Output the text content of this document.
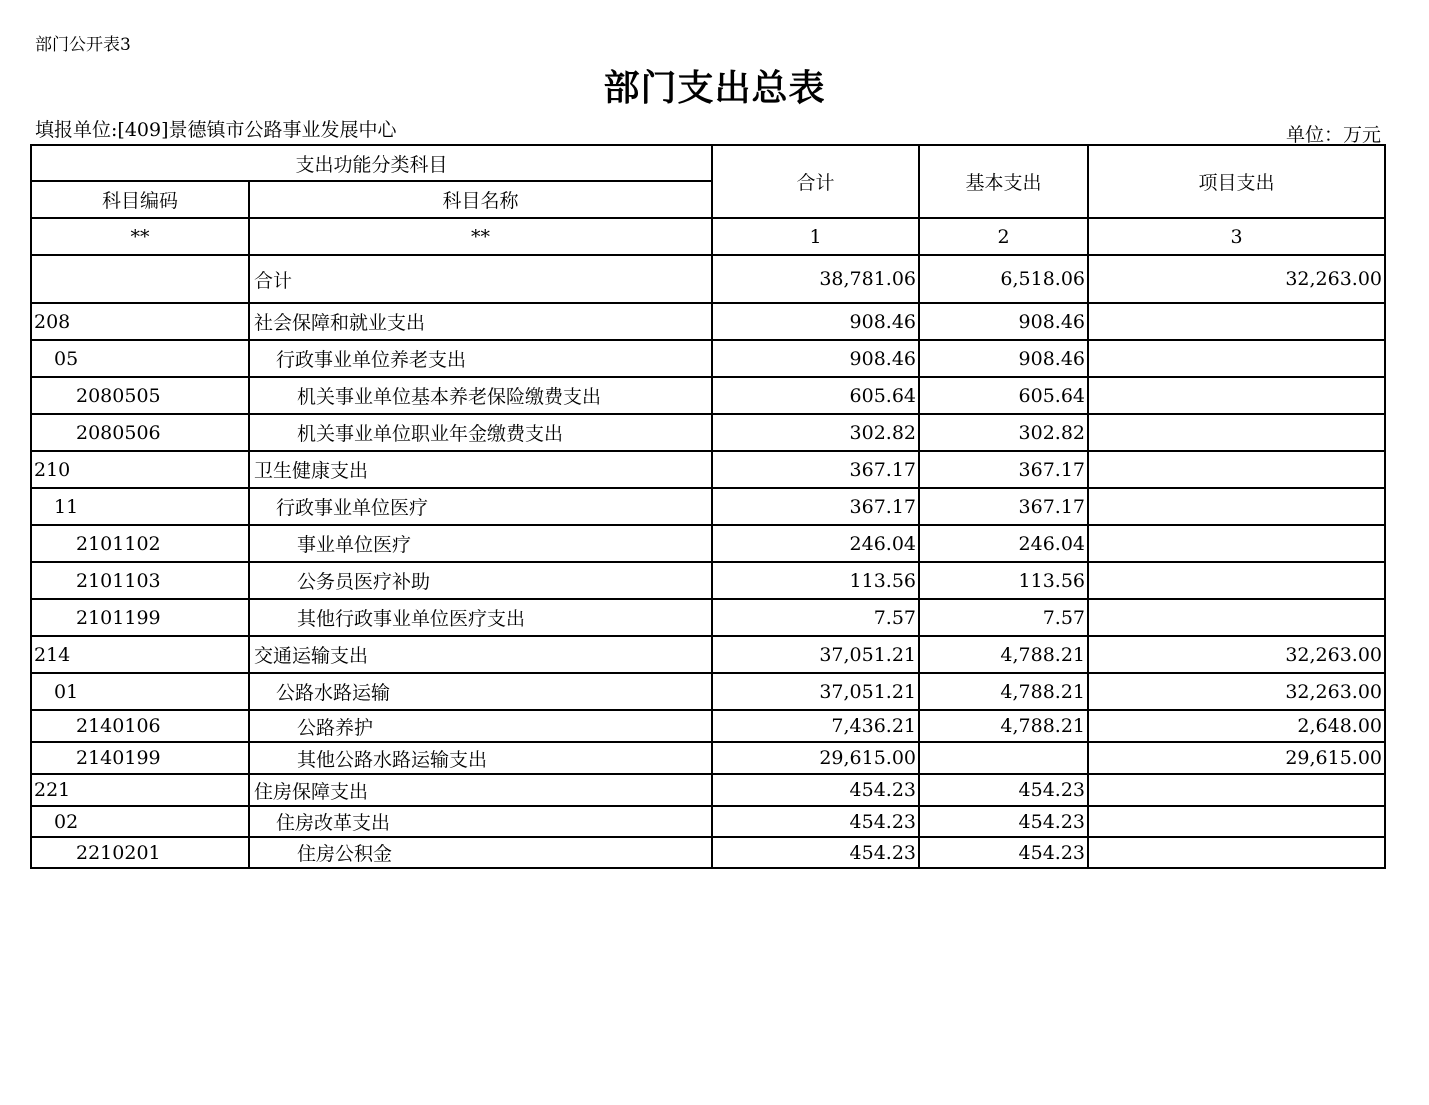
部门公开表3
部门支出总表
填报单位:[409]景德镇市公路事业发展中心	单位：万元
支出功能分类科目		合计	基本支出	项目支出
科目编码	科目名称			
**	**	1	2	3
	合计	38,781.06	6,518.06	32,263.00
208	社会保障和就业支出	908.46	908.46	
05	行政事业单位养老支出	908.46	908.46	
2080505	机关事业单位基本养老保险缴费支出	605.64	605.64	
2080506	机关事业单位职业年金缴费支出	302.82	302.82	
210	卫生健康支出	367.17	367.17	
11	行政事业单位医疗	367.17	367.17	
2101102	事业单位医疗	246.04	246.04	
2101103	公务员医疗补助	113.56	113.56	
2101199	其他行政事业单位医疗支出	7.57	7.57	
214	交通运输支出	37,051.21	4,788.21	32,263.00
01	公路水路运输	37,051.21	4,788.21	32,263.00
2140106	公路养护	7,436.21	4,788.21	2,648.00
2140199	其他公路水路运输支出	29,615.00		29,615.00
221	住房保障支出	454.23	454.23	
02	住房改革支出	454.23	454.23	
2210201	住房公积金	454.23	454.23	
